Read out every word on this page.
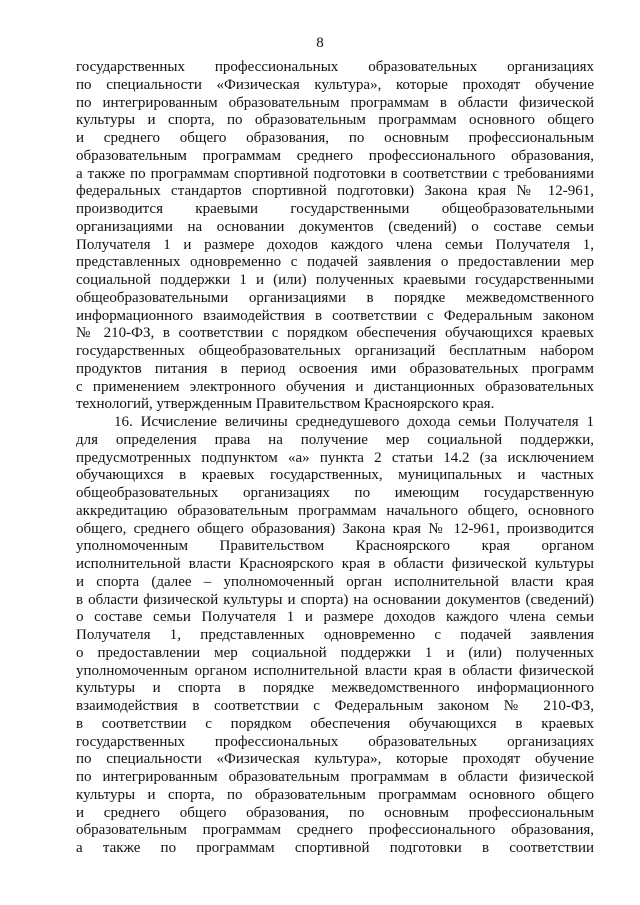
8
государственных профессиональных образовательных организациях
по специальности «Физическая культура», которые проходят обучение
по интегрированным образовательным программам в области физической
культуры и спорта, по образовательным программам основного общего
и среднего общего образования, по основным профессиональным
образовательным программам среднего профессионального образования,
а также по программам спортивной подготовки в соответствии с требованиями
федеральных стандартов спортивной подготовки) Закона края № 12-961,
производится краевыми государственными общеобразовательными
организациями на основании документов (сведений) о составе семьи
Получателя 1 и размере доходов каждого члена семьи Получателя 1,
представленных одновременно с подачей заявления о предоставлении мер
социальной поддержки 1 и (или) полученных краевыми государственными
общеобразовательными организациями в порядке межведомственного
информационного взаимодействия в соответствии с Федеральным законом
№ 210-ФЗ, в соответствии с порядком обеспечения обучающихся краевых
государственных общеобразовательных организаций бесплатным набором
продуктов питания в период освоения ими образовательных программ
с применением электронного обучения и дистанционных образовательных
технологий, утвержденным Правительством Красноярского края.
16. Исчисление величины среднедушевого дохода семьи Получателя 1
для определения права на получение мер социальной поддержки,
предусмотренных подпунктом «а» пункта 2 статьи 14.2 (за исключением
обучающихся в краевых государственных, муниципальных и частных
общеобразовательных организациях по имеющим государственную
аккредитацию образовательным программам начального общего, основного
общего, среднего общего образования) Закона края № 12-961, производится
уполномоченным Правительством Красноярского края органом
исполнительной власти Красноярского края в области физической культуры
и спорта (далее – уполномоченный орган исполнительной власти края
в области физической культуры и спорта) на основании документов (сведений)
о составе семьи Получателя 1 и размере доходов каждого члена семьи
Получателя 1, представленных одновременно с подачей заявления
о предоставлении мер социальной поддержки 1 и (или) полученных
уполномоченным органом исполнительной власти края в области физической
культуры и спорта в порядке межведомственного информационного
взаимодействия в соответствии с Федеральным законом № 210-ФЗ,
в соответствии с порядком обеспечения обучающихся в краевых
государственных профессиональных образовательных организациях
по специальности «Физическая культура», которые проходят обучение
по интегрированным образовательным программам в области физической
культуры и спорта, по образовательным программам основного общего
и среднего общего образования, по основным профессиональным
образовательным программам среднего профессионального образования,
а также по программам спортивной подготовки в соответствии
